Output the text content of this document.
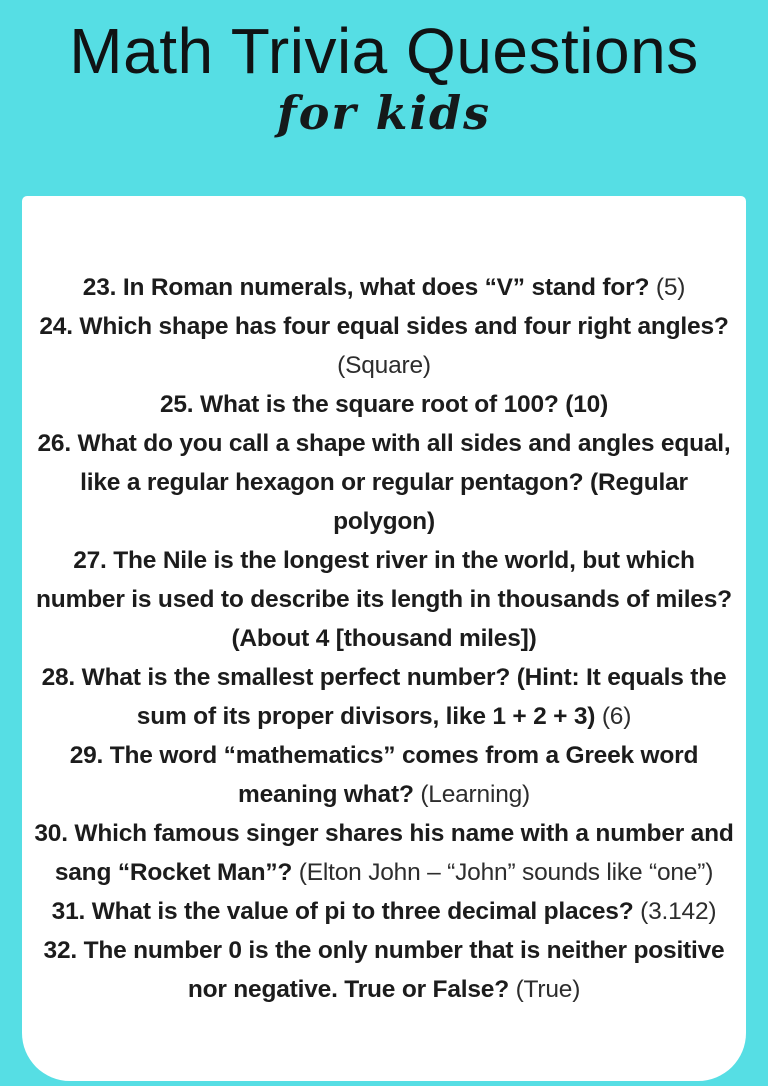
Math Trivia Questions
for kids

23. In Roman numerals, what does “V” stand for? (5)

24. Which shape has four equal sides and four right angles? (Square)

25. What is the square root of 100? (10)

26. What do you call a shape with all sides and angles equal, like a regular hexagon or regular pentagon? (Regular polygon)

27. The Nile is the longest river in the world, but which number is used to describe its length in thousands of miles? (About 4 [thousand miles])

28. What is the smallest perfect number? (Hint: It equals the sum of its proper divisors, like 1 + 2 + 3) (6)

29. The word “mathematics” comes from a Greek word meaning what? (Learning)

30. Which famous singer shares his name with a number and sang “Rocket Man”? (Elton John – “John” sounds like “one”)

31. What is the value of pi to three decimal places? (3.142)

32. The number 0 is the only number that is neither positive nor negative. True or False? (True)
